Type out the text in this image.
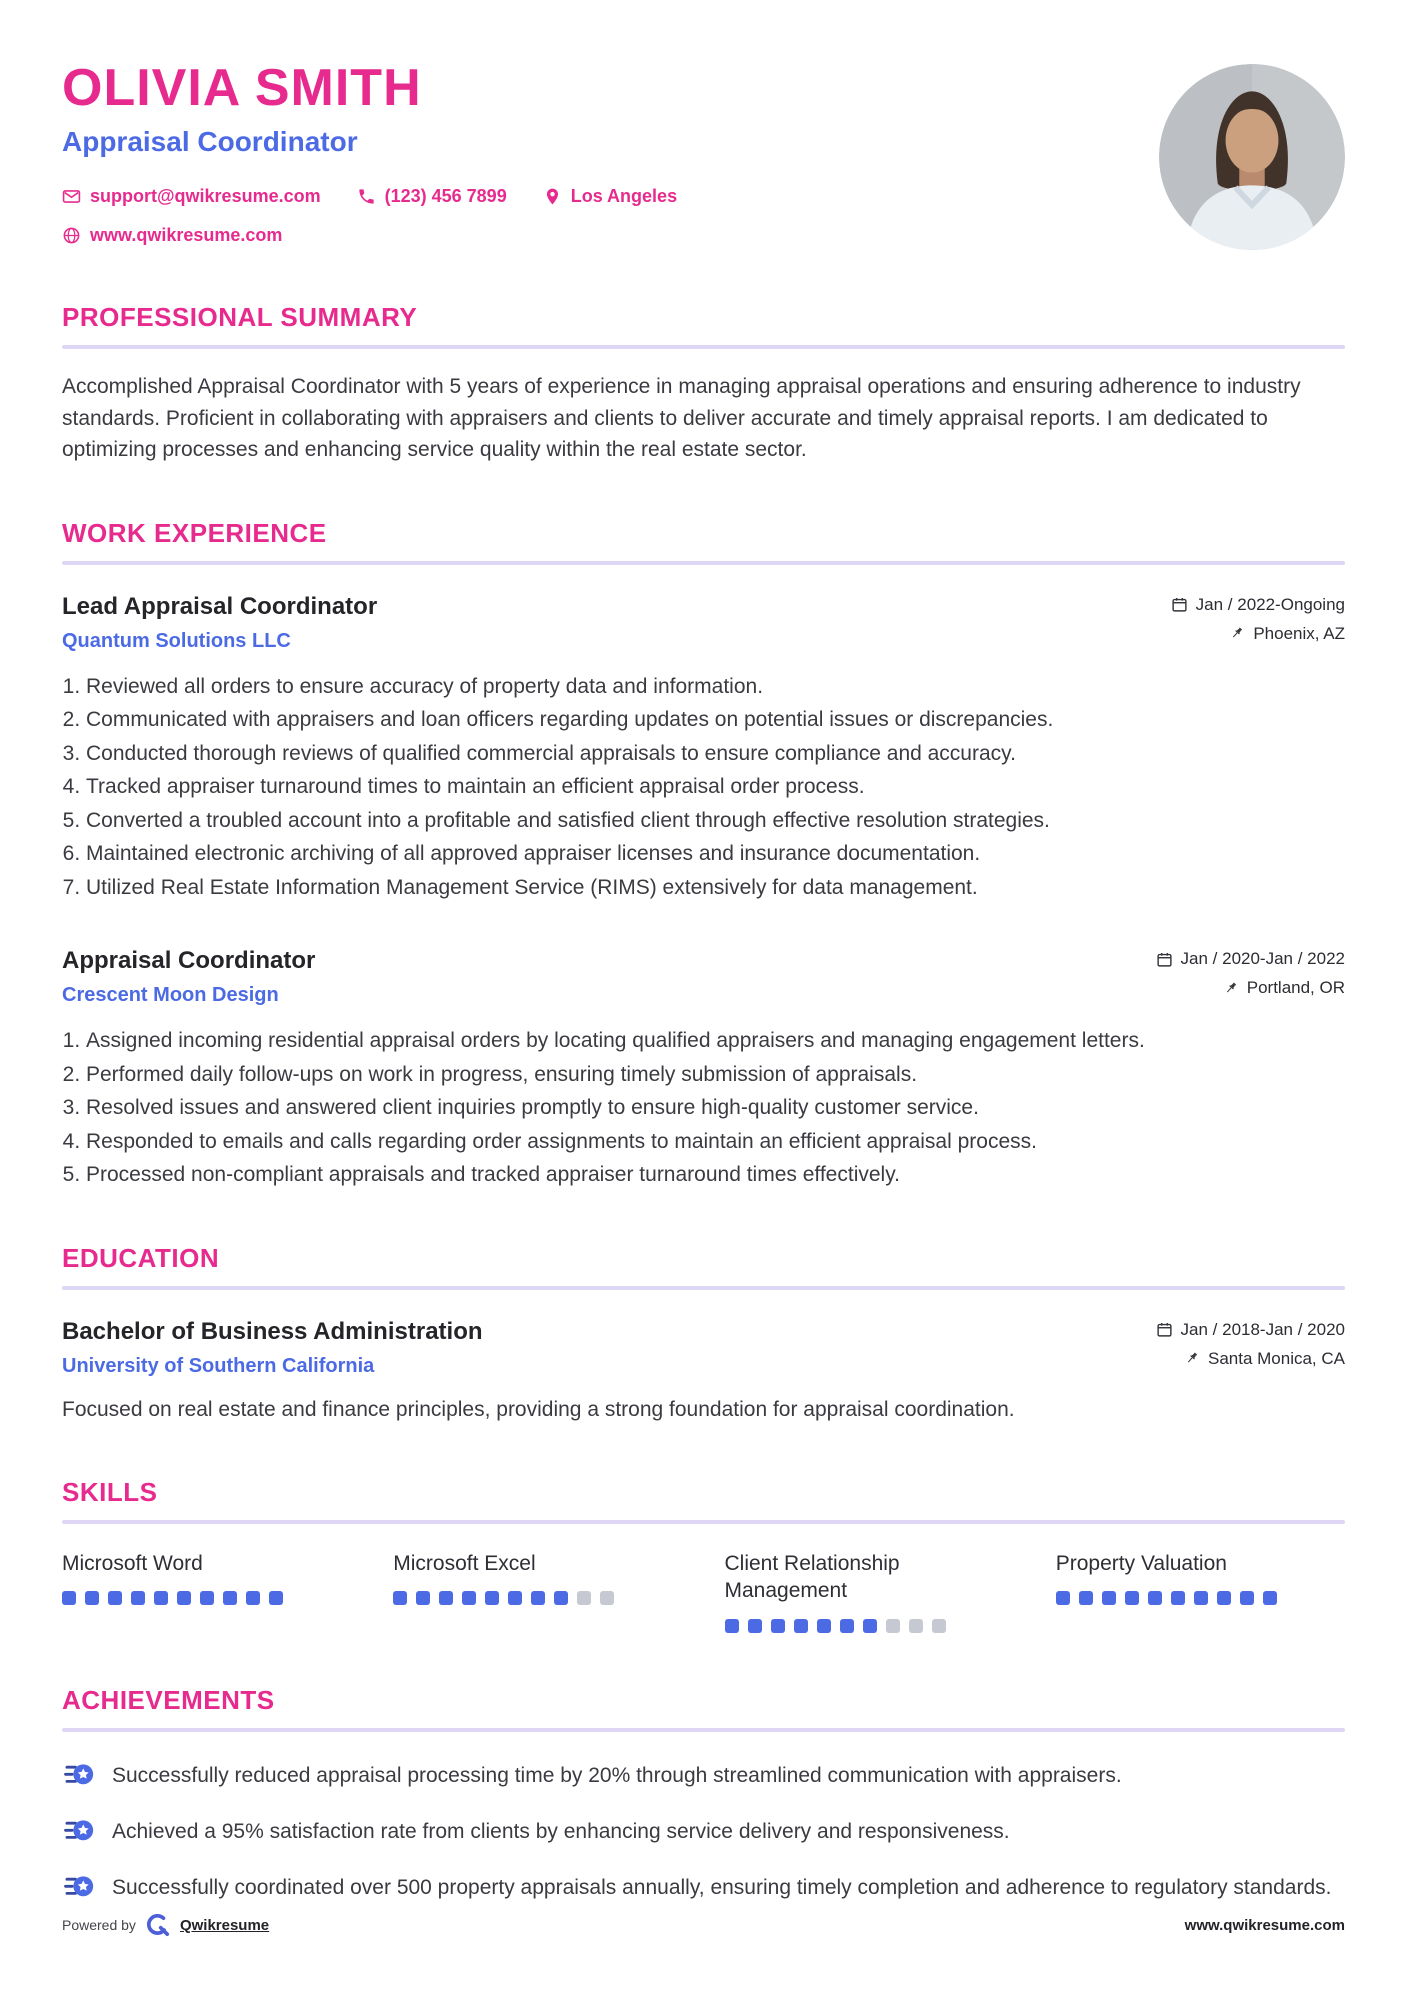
OLIVIA SMITH
Appraisal Coordinator
support@qwikresume.com	(123) 456 7899	Los Angeles
www.qwikresume.com
PROFESSIONAL SUMMARY

Accomplished Appraisal Coordinator with 5 years of experience in managing appraisal operations and ensuring adherence to industry standards. Proficient in collaborating with appraisers and clients to deliver accurate and timely appraisal reports. I am dedicated to optimizing processes and enhancing service quality within the real estate sector.

WORK EXPERIENCE
Lead Appraisal Coordinator
Quantum Solutions LLC
Jan / 2022-Ongoing
Phoenix, AZ
1. Reviewed all orders to ensure accuracy of property data and information.
2. Communicated with appraisers and loan officers regarding updates on potential issues or discrepancies.
3. Conducted thorough reviews of qualified commercial appraisals to ensure compliance and accuracy.
4. Tracked appraiser turnaround times to maintain an efficient appraisal order process.
5. Converted a troubled account into a profitable and satisfied client through effective resolution strategies.
6. Maintained electronic archiving of all approved appraiser licenses and insurance documentation.
7. Utilized Real Estate Information Management Service (RIMS) extensively for data management.
Appraisal Coordinator
Crescent Moon Design
Jan / 2020-Jan / 2022
Portland, OR
1. Assigned incoming residential appraisal orders by locating qualified appraisers and managing engagement letters.
2. Performed daily follow-ups on work in progress, ensuring timely submission of appraisals.
3. Resolved issues and answered client inquiries promptly to ensure high-quality customer service.
4. Responded to emails and calls regarding order assignments to maintain an efficient appraisal process.
5. Processed non-compliant appraisals and tracked appraiser turnaround times effectively.
EDUCATION
Bachelor of Business Administration
University of Southern California
Jan / 2018-Jan / 2020
Santa Monica, CA

Focused on real estate and finance principles, providing a strong foundation for appraisal coordination.

SKILLS
Microsoft Word	Microsoft Excel	Client Relationship Management
Property Valuation
ACHIEVEMENTS

Successfully reduced appraisal processing time by 20% through streamlined communication with appraisers.

Achieved a 95% satisfaction rate from clients by enhancing service delivery and responsiveness.

Successfully coordinated over 500 property appraisals annually, ensuring timely completion and adherence to regulatory standards.

Powered by	Qwikresume	www.qwikresume.com
